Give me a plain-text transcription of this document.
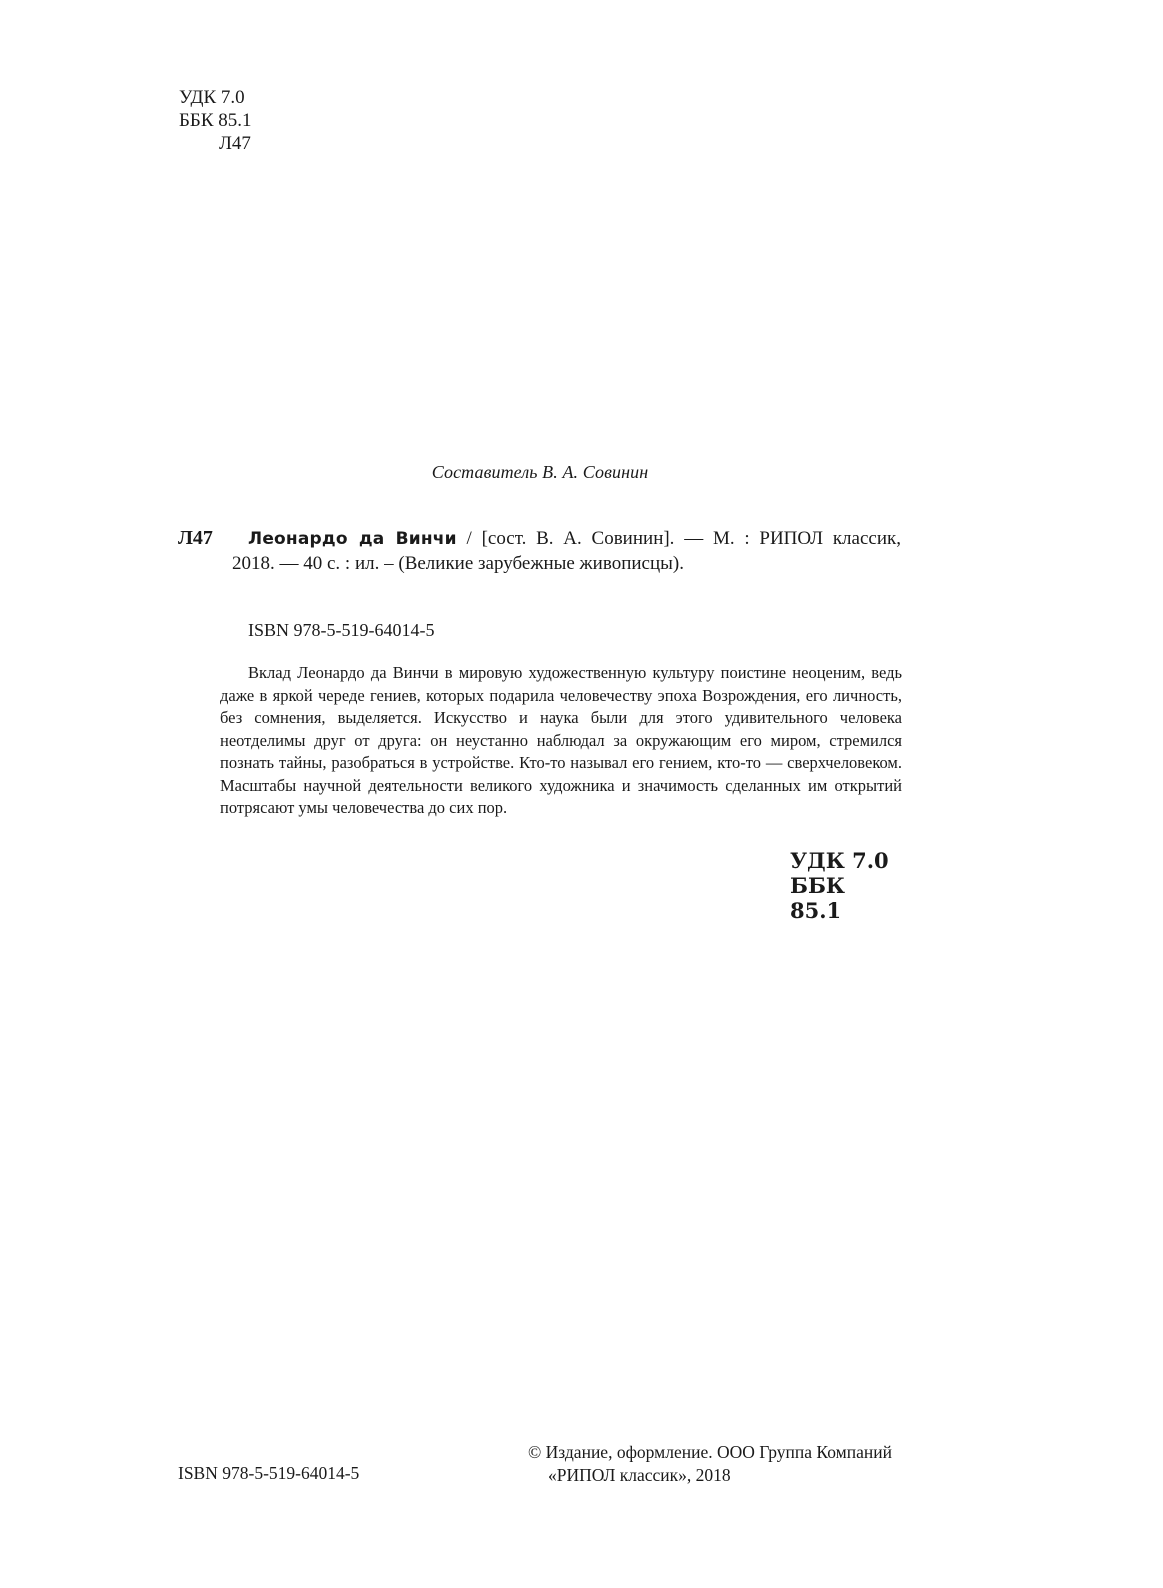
УДК 7.0
ББК 85.1
Л47
Составитель В. А. Совинин
Л47 Леонардо да Винчи / [сост. В. А. Совинин]. — М. : РИПОЛ классик,
2018. — 40 с. : ил. – (Великие зарубежные живописцы).
ISBN 978-5-519-64014-5

Вклад Леонардо да Винчи в мировую художественную культуру поистине неоценим, ведь даже в яркой череде гениев, которых подарила человечеству эпоха Возрождения, его личность, без сомнения, выделяется. Искусство и наука были для этого удивительного человека неотделимы друг от друга: он неустанно наблюдал за окружающим его миром, стремился познать тайны, разобраться в устройстве. Кто-то называл его гением, кто-то — сверхчеловеком. Масштабы научной деятельности великого художника и значимость сделанных им открытий потрясают умы человечества до сих пор.

УДК 7.0
ББК 85.1
ISBN 978-5-519-64014-5
© Издание, оформление. ООО Группа Компаний
«РИПОЛ классик», 2018
